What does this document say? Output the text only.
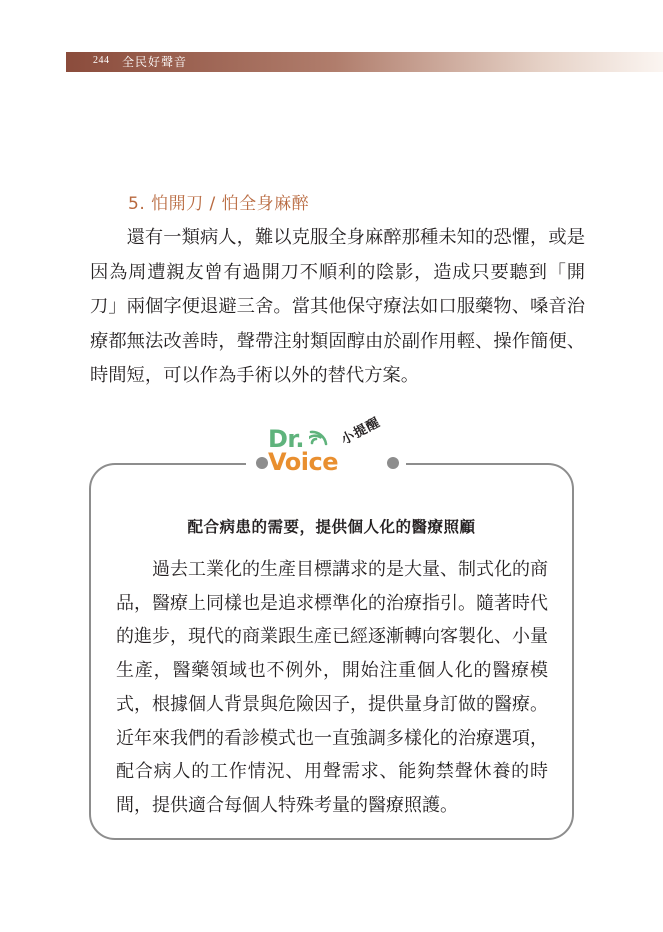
244 全民好聲音
5. 怕開刀 / 怕全身麻醉

還有一類病人，難以克服全身麻醉那種未知的恐懼，或是因為周遭親友曾有過開刀不順利的陰影，造成只要聽到「開刀」兩個字便退避三舍。當其他保守療法如口服藥物、嗓音治療都無法改善時，聲帶注射類固醇由於副作用輕、操作簡便、時間短，可以作為手術以外的替代方案。

Dr.
Voice
小提醒
配合病患的需要，提供個人化的醫療照顧

過去工業化的生產目標講求的是大量、制式化的商品，醫療上同樣也是追求標準化的治療指引。隨著時代的進步，現代的商業跟生產已經逐漸轉向客製化、小量生產，醫藥領域也不例外，開始注重個人化的醫療模式，根據個人背景與危險因子，提供量身訂做的醫療。近年來我們的看診模式也一直強調多樣化的治療選項，配合病人的工作情況、用聲需求、能夠禁聲休養的時間，提供適合每個人特殊考量的醫療照護。
